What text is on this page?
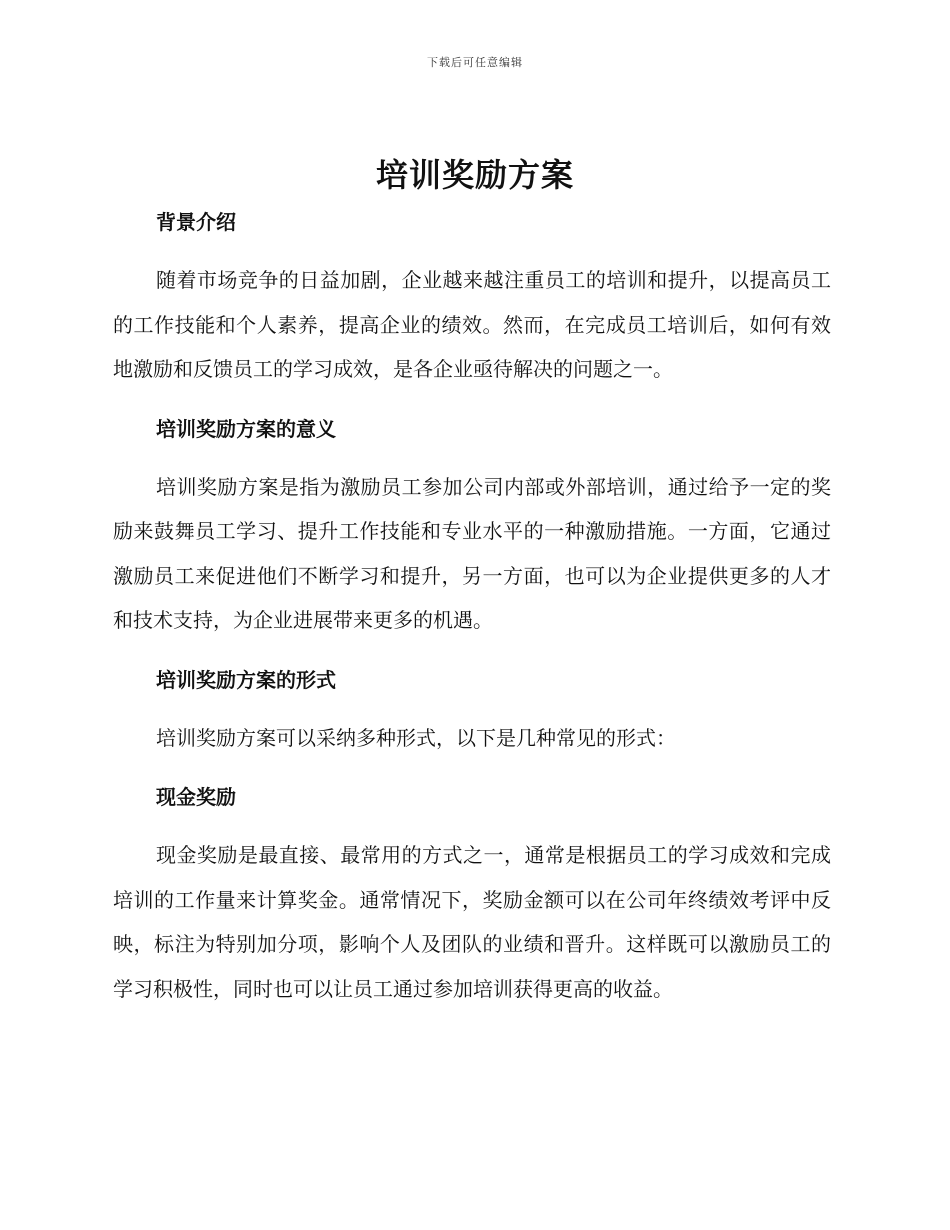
下载后可任意编辑
培训奖励方案
背景介绍

随着市场竞争的日益加剧，企业越来越注重员工的培训和提升，以提高员工的工作技能和个人素养，提高企业的绩效。然而，在完成员工培训后，如何有效地激励和反馈员工的学习成效，是各企业亟待解决的问题之一。

培训奖励方案的意义

培训奖励方案是指为激励员工参加公司内部或外部培训，通过给予一定的奖励来鼓舞员工学习、提升工作技能和专业水平的一种激励措施。一方面，它通过激励员工来促进他们不断学习和提升，另一方面，也可以为企业提供更多的人才和技术支持，为企业进展带来更多的机遇。

培训奖励方案的形式

培训奖励方案可以采纳多种形式，以下是几种常见的形式：

现金奖励

现金奖励是最直接、最常用的方式之一，通常是根据员工的学习成效和完成培训的工作量来计算奖金。通常情况下，奖励金额可以在公司年终绩效考评中反映，标注为特别加分项，影响个人及团队的业绩和晋升。这样既可以激励员工的学习积极性，同时也可以让员工通过参加培训获得更高的收益。
